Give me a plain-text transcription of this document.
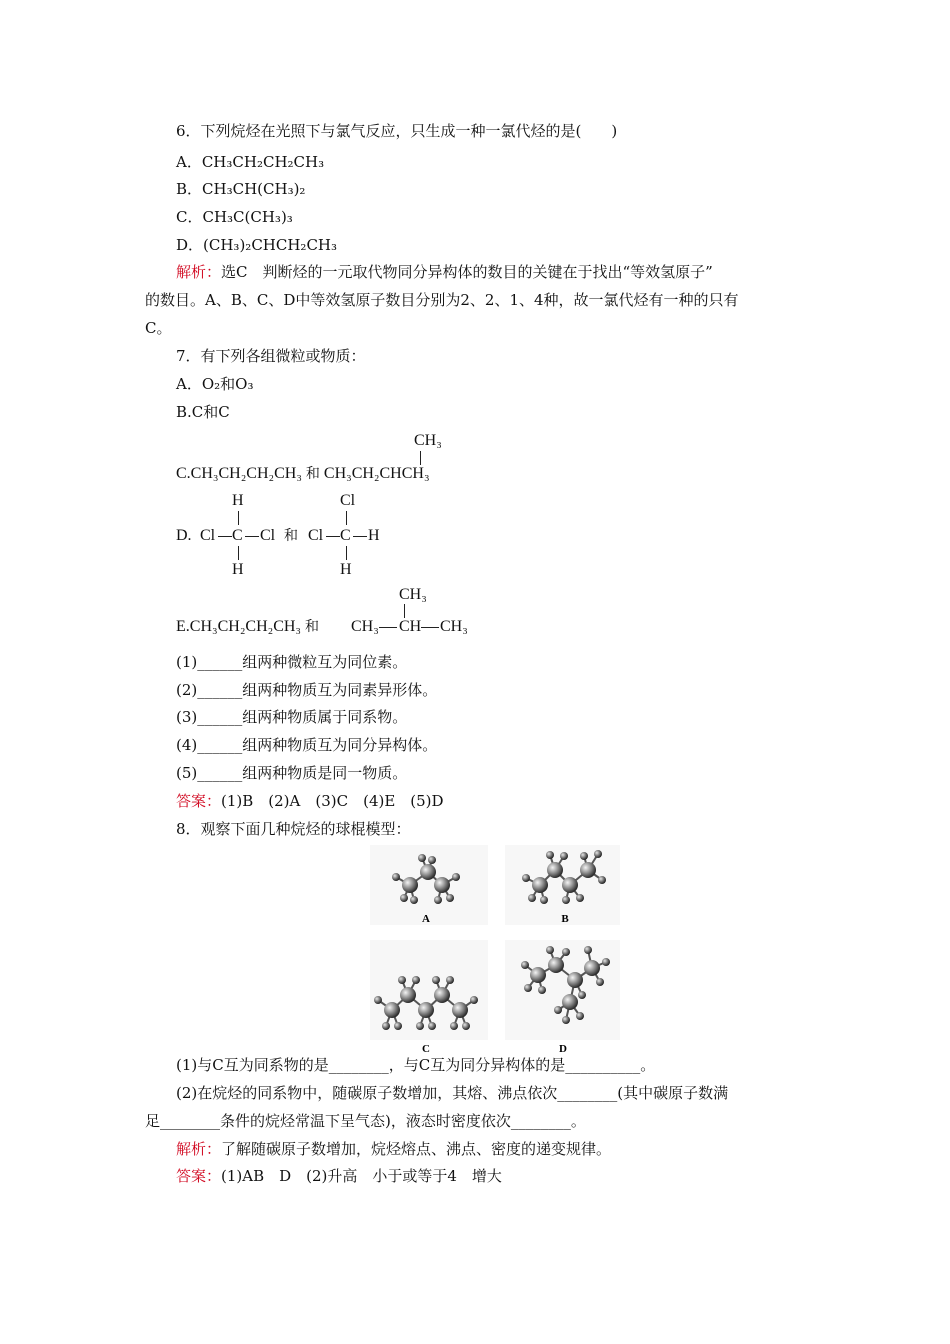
6．下列烷烃在光照下与氯气反应，只生成一种一氯代烃的是(　　)
A．CH₃CH₂CH₂CH₃
B．CH₃CH(CH₃)₂
C．CH₃C(CH₃)₃
D．(CH₃)₂CHCH₂CH₃
解析：选C　判断烃的一元取代物同分异构体的数目的关键在于找出“等效氢原子”
的数目。A、B、C、D中等效氢原子数目分别为2、2、1、4种，故一氯代烃有一种的只有
C。
7．有下列各组微粒或物质：
A．O₂和O₃
B.C和C
C.CH₃CH₂CH₂CH₃ 和 CH₃CH₂CHCH₃
CH₃
D.
H
Cl C Cl
H
和
Cl
Cl C H
H
E.CH₃CH₂CH₂CH₃ 和 CH₃ CH CH₃
CH₃
(1)______组两种微粒互为同位素。
(2)______组两种物质互为同素异形体。
(3)______组两种物质属于同系物。
(4)______组两种物质互为同分异构体。
(5)______组两种物质是同一物质。
答案：(1)B　(2)A　(3)C　(4)E　(5)D
8．观察下面几种烷烃的球棍模型：
A	B
C	D
(1)与C互为同系物的是________，与C互为同分异构体的是__________。
(2)在烷烃的同系物中，随碳原子数增加，其熔、沸点依次________(其中碳原子数满
足________条件的烷烃常温下呈气态)，液态时密度依次________。
解析：了解随碳原子数增加，烷烃熔点、沸点、密度的递变规律。
答案：(1)AB　D　(2)升高　小于或等于4　增大
